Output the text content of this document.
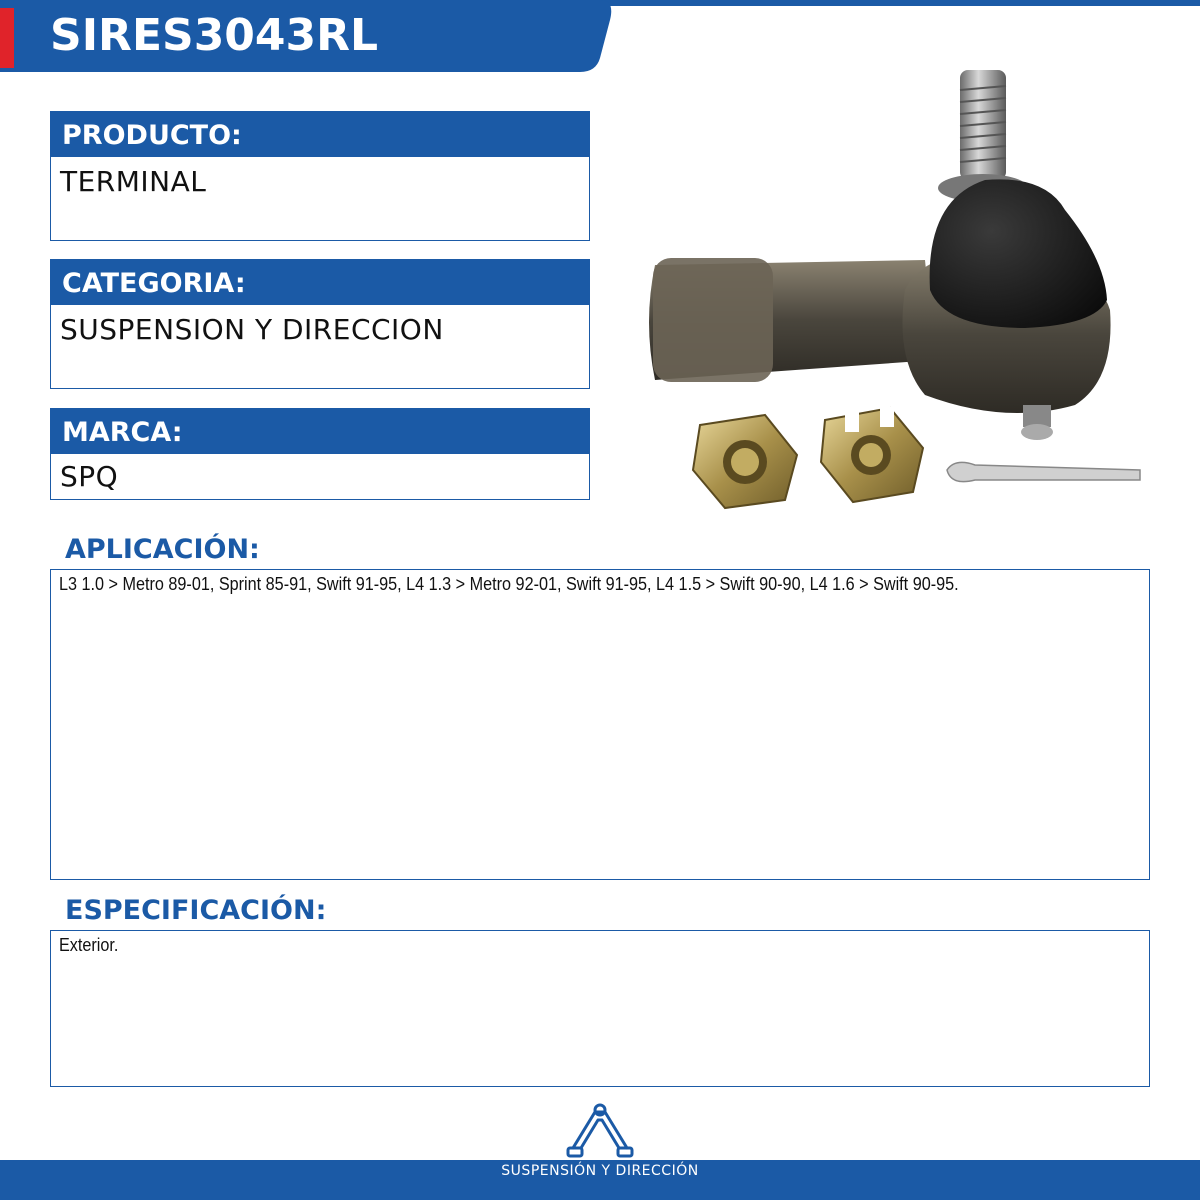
SIRES3043RL
PRODUCTO:
TERMINAL
CATEGORIA:
SUSPENSION Y DIRECCION
MARCA:
SPQ
APLICACIÓN:
L3 1.0 > Metro 89-01, Sprint 85-91, Swift 91-95, L4 1.3 > Metro 92-01, Swift 91-95, L4 1.5 > Swift 90-90, L4 1.6 > Swift 90-95.
ESPECIFICACIÓN:
Exterior.
SUSPENSIÓN Y DIRECCIÓN
